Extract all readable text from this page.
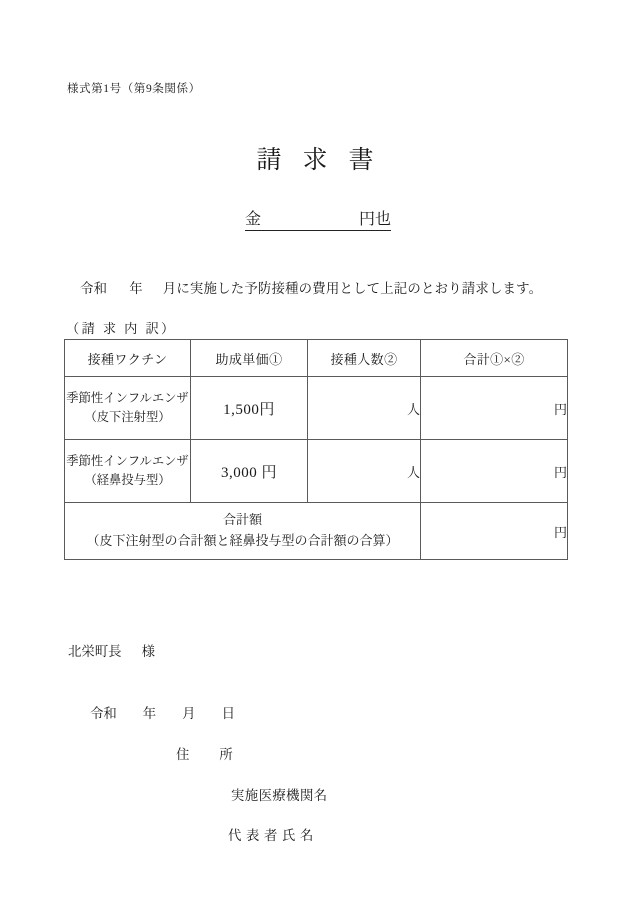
様式第1号（第9条関係）
請求書
金	円也
令和 年 月に実施した予防接種の費用として上記のとおり請求します。
（請 求 内 訳）
接種ワクチン	助成単価①	接種人数②	合計①×②

季節性インフルエンザ
（皮下注射型）	1,500円	人	円

季節性インフルエンザ
（経鼻投与型）	3,000 円	人	円

合計額
（皮下注射型の合計額と経鼻投与型の合計額の合算）			円
北栄町長 様
令和 年 月 日
住 所
実施医療機関名
代表者氏名
